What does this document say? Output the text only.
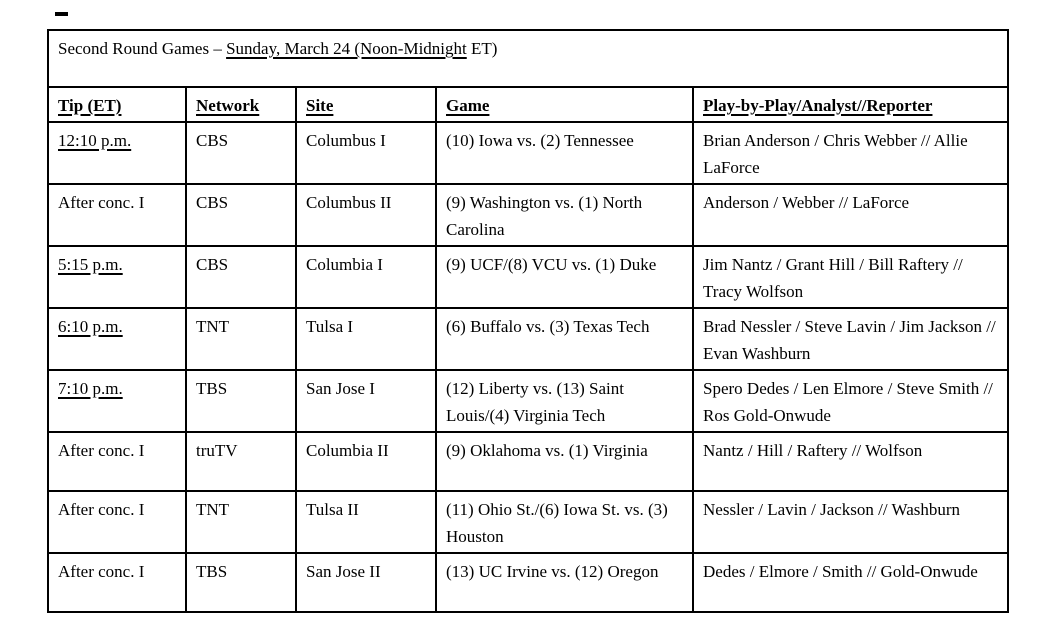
Second Round Games – Sunday, March 24 (Noon-Midnight ET)				
Tip (ET)	Network	Site	Game	Play-by-Play/Analyst//Reporter
12:10 p.m.	CBS	Columbus I	(10) Iowa vs. (2) Tennessee	Brian Anderson / Chris Webber // Allie LaForce
After conc. I	CBS	Columbus II	(9) Washington vs. (1) North Carolina	Anderson / Webber // LaForce
5:15 p.m.	CBS	Columbia I	(9) UCF/(8) VCU vs. (1) Duke	Jim Nantz / Grant Hill / Bill Raftery // Tracy Wolfson
6:10 p.m.	TNT	Tulsa I	(6) Buffalo vs. (3) Texas Tech	Brad Nessler / Steve Lavin / Jim Jackson // Evan Washburn
7:10 p.m.	TBS	San Jose I	(12) Liberty vs. (13) Saint Louis/(4) Virginia Tech	Spero Dedes / Len Elmore / Steve Smith // Ros Gold-Onwude
After conc. I	truTV	Columbia II	(9) Oklahoma vs. (1) Virginia	Nantz / Hill / Raftery // Wolfson
After conc. I	TNT	Tulsa II	(11) Ohio St./(6) Iowa St. vs. (3) Houston	Nessler / Lavin / Jackson // Washburn
After conc. I	TBS	San Jose II	(13) UC Irvine vs. (12) Oregon	Dedes / Elmore / Smith // Gold-Onwude
